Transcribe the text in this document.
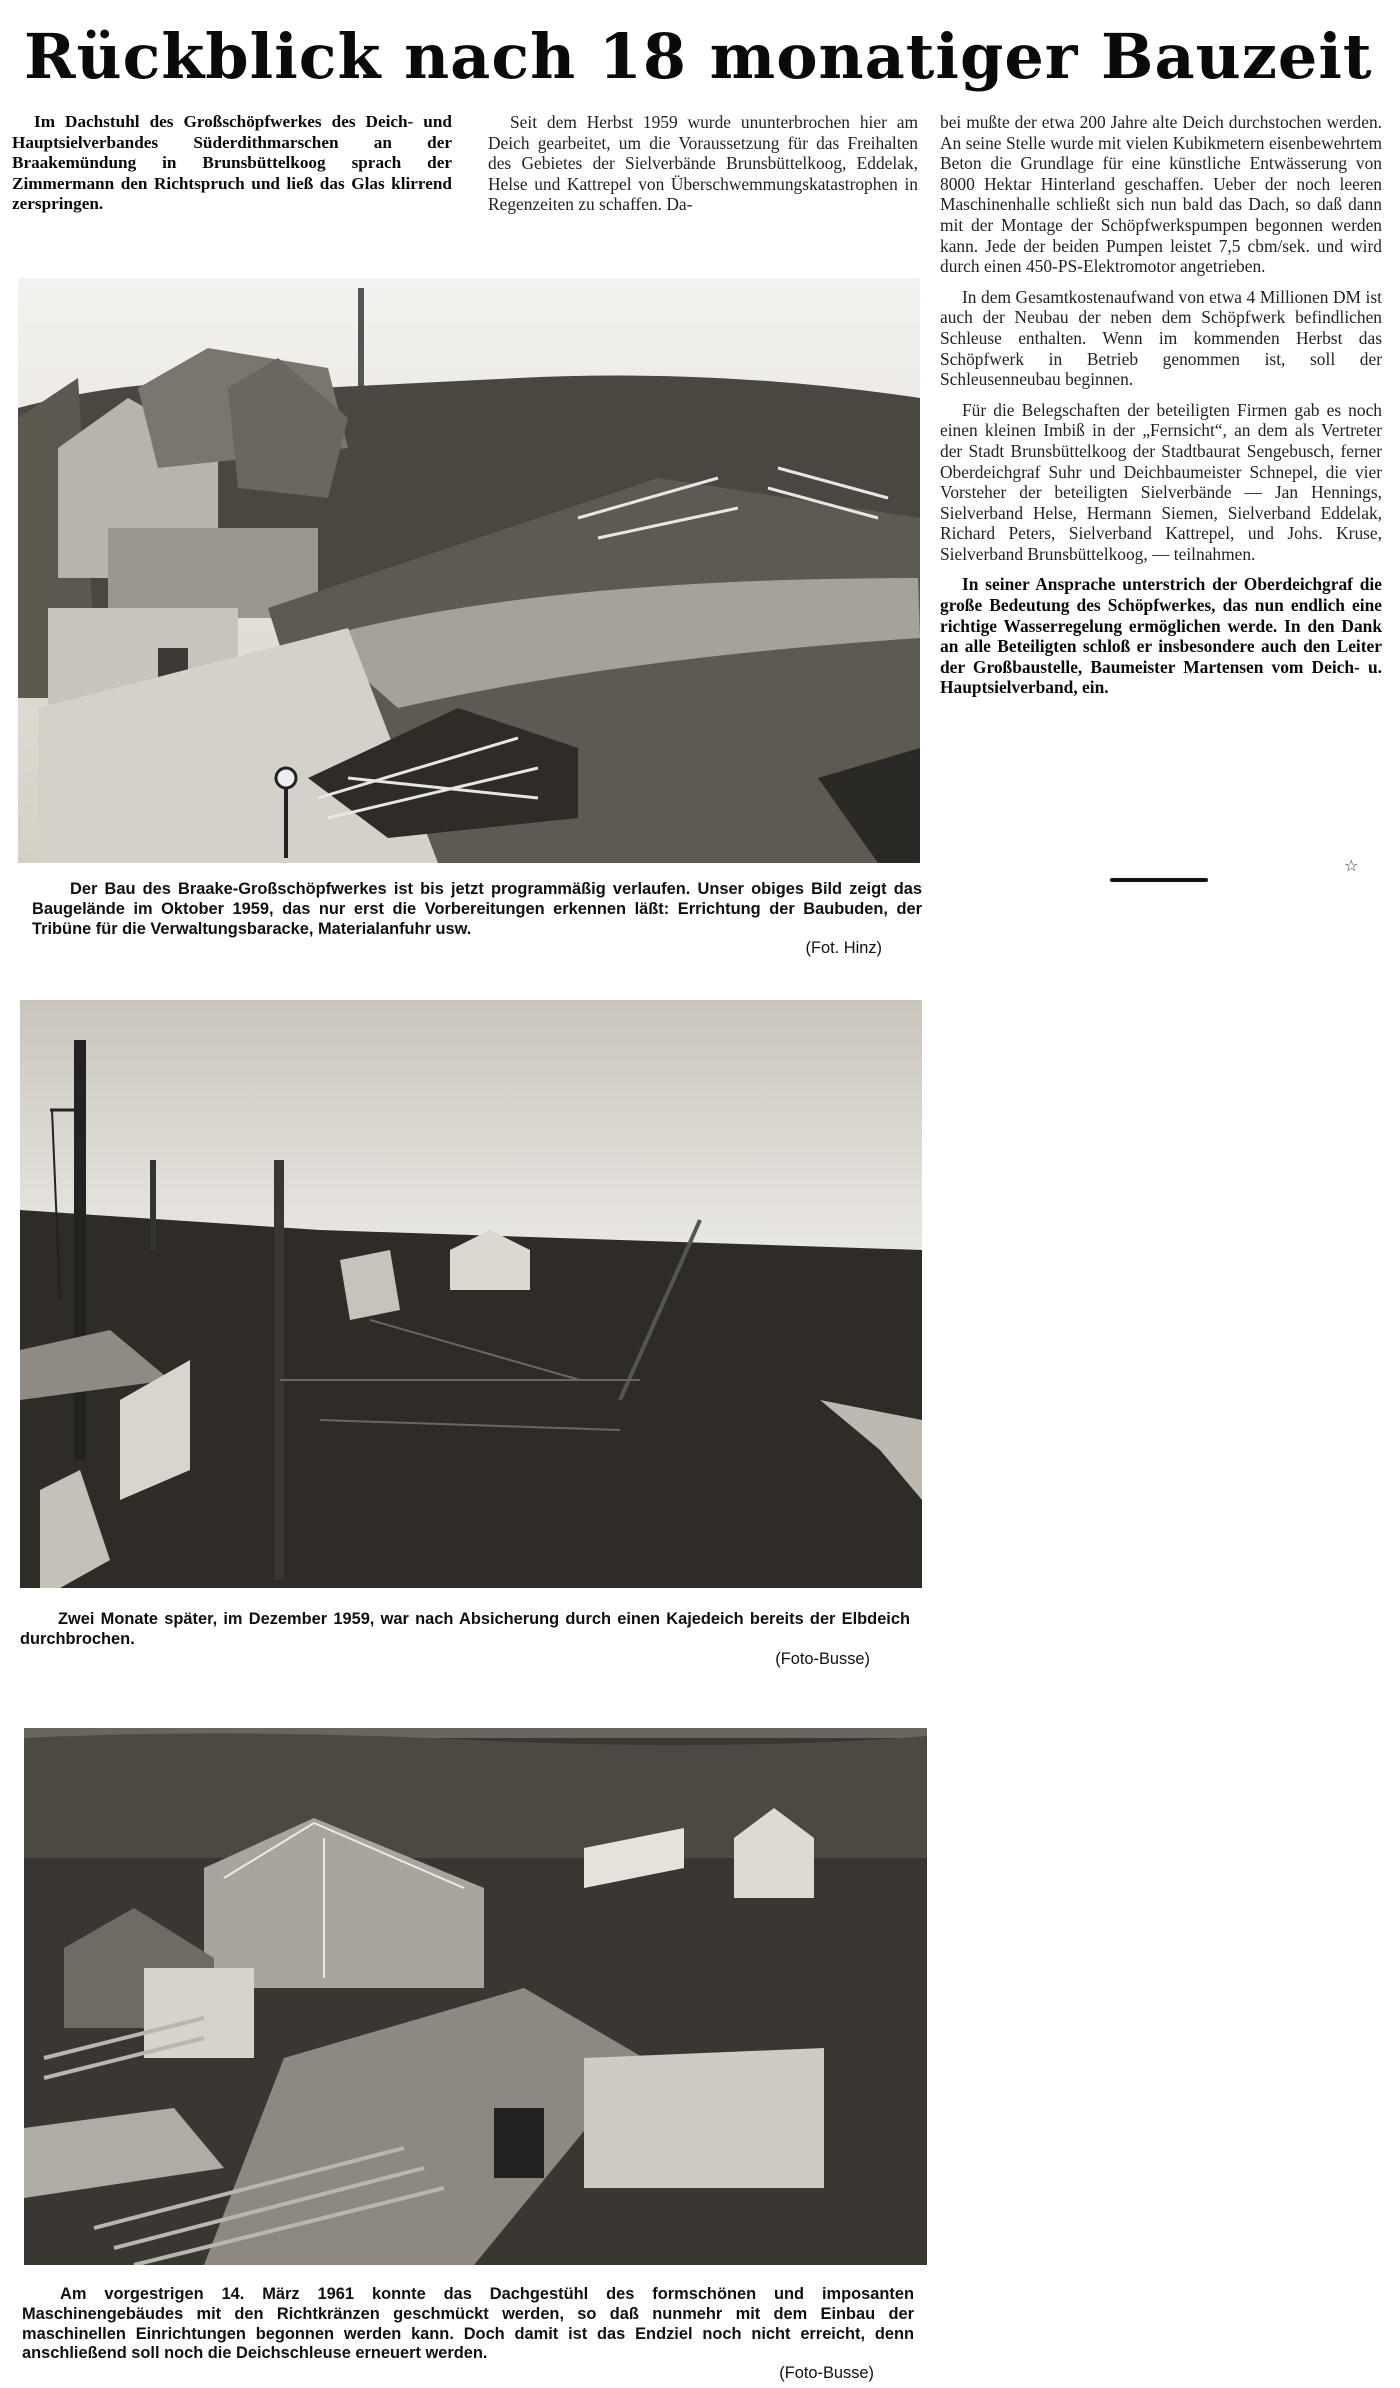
Rückblick nach 18 monatiger Bauzeit

Im Dachstuhl des Großschöpfwerkes des Deich- und Hauptsielverbandes Süderdithmarschen an der Braakemündung in Brunsbüttelkoog sprach der Zimmermann den Richtspruch und ließ das Glas klirrend zerspringen.

Seit dem Herbst 1959 wurde ununterbrochen hier am Deich gearbeitet, um die Voraussetzung für das Freihalten des Gebietes der Sielverbände Brunsbüttelkoog, Eddelak, Helse und Kattrepel von Überschwemmungskatastrophen in Regenzeiten zu schaffen. Da-

bei mußte der etwa 200 Jahre alte Deich durchstochen werden. An seine Stelle wurde mit vielen Kubikmetern eisenbewehrtem Beton die Grundlage für eine künstliche Entwässerung von 8000 Hektar Hinterland geschaffen. Ueber der noch leeren Maschinenhalle schließt sich nun bald das Dach, so daß dann mit der Montage der Schöpfwerkspumpen begonnen werden kann. Jede der beiden Pumpen leistet 7,5 cbm/sek. und wird durch einen 450-PS-Elektromotor angetrieben.

In dem Gesamtkostenaufwand von etwa 4 Millionen DM ist auch der Neubau der neben dem Schöpfwerk befindlichen Schleuse enthalten. Wenn im kommenden Herbst das Schöpfwerk in Betrieb genommen ist, soll der Schleusenneubau beginnen.

Für die Belegschaften der beteiligten Firmen gab es noch einen kleinen Imbiß in der „Fernsicht“, an dem als Vertreter der Stadt Brunsbüttelkoog der Stadtbaurat Sengebusch, ferner Oberdeichgraf Suhr und Deichbaumeister Schnepel, die vier Vorsteher der beteiligten Sielverbände — Jan Hennings, Sielverband Helse, Hermann Siemen, Sielverband Eddelak, Richard Peters, Sielverband Kattrepel, und Johs. Kruse, Sielverband Brunsbüttelkoog, — teilnahmen.

In seiner Ansprache unterstrich der Oberdeichgraf die große Bedeutung des Schöpfwerkes, das nun endlich eine richtige Wasserregelung ermöglichen werde. In den Dank an alle Beteiligten schloß er insbesondere auch den Leiter der Großbaustelle, Baumeister Martensen vom Deich- u. Hauptsielverband, ein.

☆
Der Bau des Braake-Großschöpfwerkes ist bis jetzt programmäßig verlaufen. Unser obiges Bild zeigt das Baugelände im Oktober 1959, das nur erst die Vorbereitungen erkennen läßt: Errichtung der Baubuden, der Tribüne für die Verwaltungsbaracke, Materialanfuhr usw.
(Fot. Hinz)
Zwei Monate später, im Dezember 1959, war nach Absicherung durch einen Kajedeich bereits der Elbdeich durchbrochen.
(Foto-Busse)
Am vorgestrigen 14. März 1961 konnte das Dachgestühl des formschönen und imposanten Maschinengebäudes mit den Richtkränzen geschmückt werden, so daß nunmehr mit dem Einbau der maschinellen Einrichtungen begonnen werden kann. Doch damit ist das Endziel noch nicht erreicht, denn anschließend soll noch die Deichschleuse erneuert werden.
(Foto-Busse)
